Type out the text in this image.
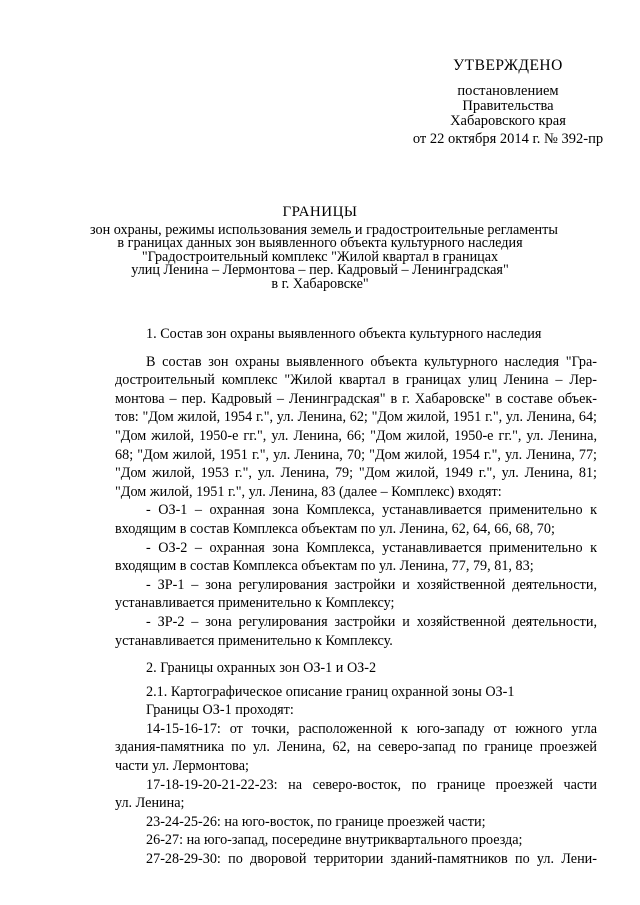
УТВЕРЖДЕНО
постановлением
Правительства
Хабаровского края
от 22 октября 2014 г. № 392-пр
ГРАНИЦЫ
зон охраны, режимы использования земель и градостроительные регламенты
в границах данных зон выявленного объекта культурного наследия
"Градостроительный комплекс "Жилой квартал в границах
улиц Ленина – Лермонтова – пер. Кадровый – Ленинградская"
в г. Хабаровске"
1. Состав зон охраны выявленного объекта культурного наследия
В состав зон охраны выявленного объекта культурного наследия "Гра-
достроительный комплекс "Жилой квартал в границах улиц Ленина – Лер-
монтова – пер. Кадровый – Ленинградская" в г. Хабаровске" в составе объек-
тов: "Дом жилой, 1954 г.", ул. Ленина, 62; "Дом жилой, 1951 г.", ул. Ленина, 64;
"Дом жилой, 1950-е гг.", ул. Ленина, 66; "Дом жилой, 1950-е гг.", ул. Ленина,
68; "Дом жилой, 1951 г.", ул. Ленина, 70; "Дом жилой, 1954 г.", ул. Ленина, 77;
"Дом жилой, 1953 г.", ул. Ленина, 79; "Дом жилой, 1949 г.", ул. Ленина, 81;
"Дом жилой, 1951 г.", ул. Ленина, 83 (далее – Комплекс) входят:
- ОЗ-1 – охранная зона Комплекса, устанавливается применительно к
входящим в состав Комплекса объектам по ул. Ленина, 62, 64, 66, 68, 70;
- ОЗ-2 – охранная зона Комплекса, устанавливается применительно к
входящим в состав Комплекса объектам по ул. Ленина, 77, 79, 81, 83;
- ЗР-1 – зона регулирования застройки и хозяйственной деятельности,
устанавливается применительно к Комплексу;
- ЗР-2 – зона регулирования застройки и хозяйственной деятельности,
устанавливается применительно к Комплексу.
2. Границы охранных зон ОЗ-1 и ОЗ-2
2.1. Картографическое описание границ охранной зоны ОЗ-1
Границы ОЗ-1 проходят:
14-15-16-17: от точки, расположенной к юго-западу от южного угла
здания-памятника по ул. Ленина, 62, на северо-запад по границе проезжей
части ул. Лермонтова;
17-18-19-20-21-22-23: на северо-восток, по границе проезжей части
ул. Ленина;
23-24-25-26: на юго-восток, по границе проезжей части;
26-27: на юго-запад, посередине внутриквартального проезда;
27-28-29-30: по дворовой территории зданий-памятников по ул. Лени-
